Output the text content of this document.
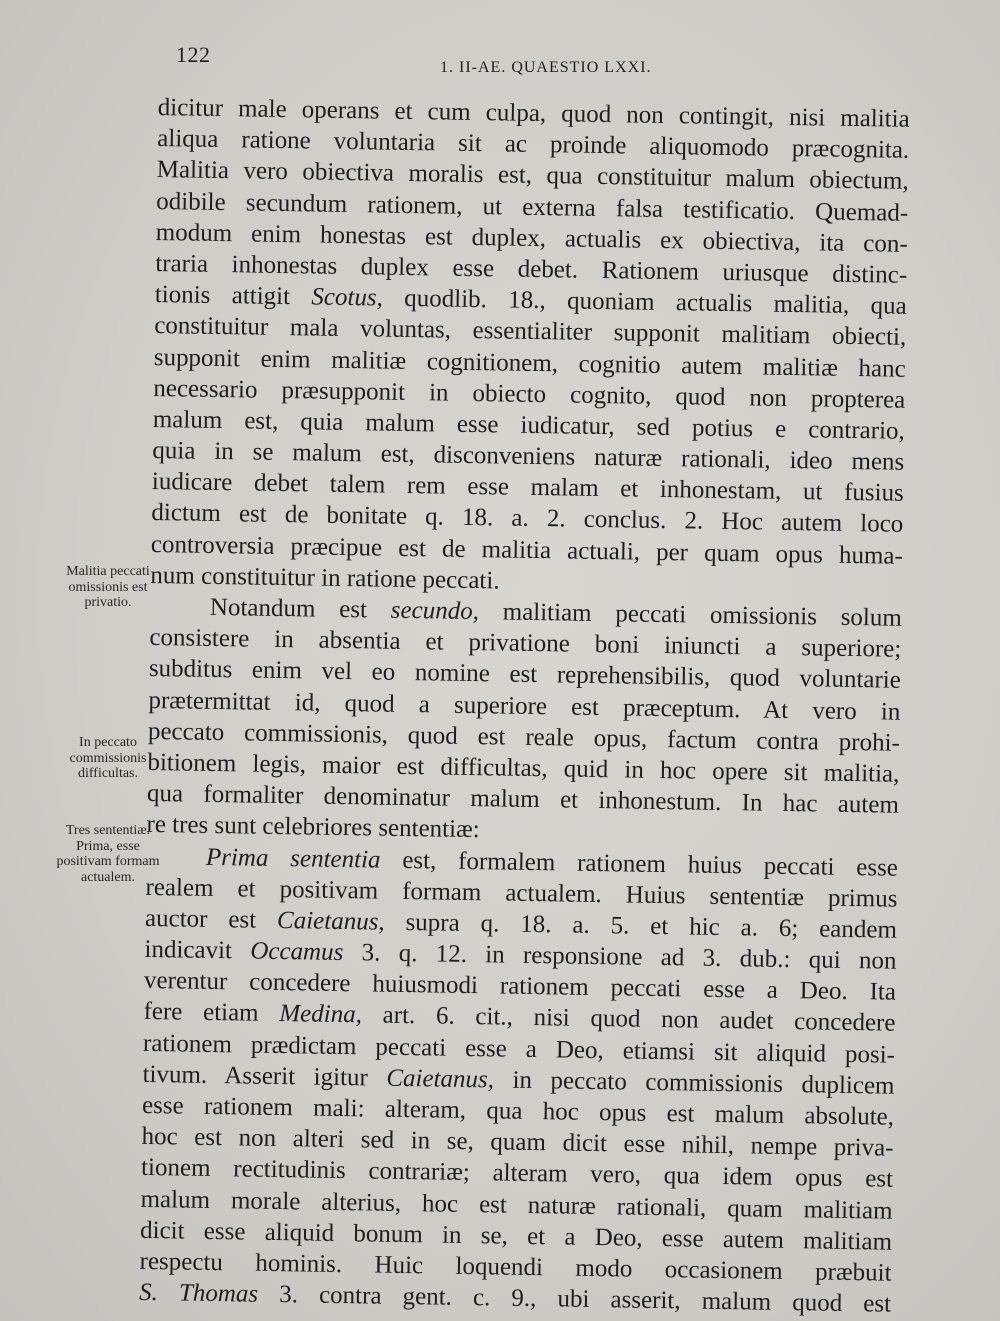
122
1. II-AE. QUAESTIO LXXI.
Malitia peccati omissionis est privatio.
In peccato commissionis difficultas.
Tres sententiæ. Prima, esse positivam formam actualem.
dicitur male operans et cum culpa, quod non contingit, nisi malitia
aliqua ratione voluntaria sit ac proinde aliquomodo præcognita.
Malitia vero obiectiva moralis est, qua constituitur malum obiectum,
odibile secundum rationem, ut externa falsa testificatio. Quemad-
modum enim honestas est duplex, actualis ex obiectiva, ita con-
traria inhonestas duplex esse debet. Rationem uriusque distinc-
tionis attigit Scotus, quodlib. 18., quoniam actualis malitia, qua
constituitur mala voluntas, essentialiter supponit malitiam obiecti,
supponit enim malitiæ cognitionem, cognitio autem malitiæ hanc
necessario præsupponit in obiecto cognito, quod non propterea
malum est, quia malum esse iudicatur, sed potius e contrario,
quia in se malum est, disconveniens naturæ rationali, ideo mens
iudicare debet talem rem esse malam et inhonestam, ut fusius
dictum est de bonitate q. 18. a. 2. conclus. 2. Hoc autem loco
controversia præcipue est de malitia actuali, per quam opus huma-
num constituitur in ratione peccati.
Notandum est secundo, malitiam peccati omissionis solum
consistere in absentia et privatione boni iniuncti a superiore;
subditus enim vel eo nomine est reprehensibilis, quod voluntarie
prætermittat id, quod a superiore est præceptum. At vero in
peccato commissionis, quod est reale opus, factum contra prohi-
bitionem legis, maior est difficultas, quid in hoc opere sit malitia,
qua formaliter denominatur malum et inhonestum. In hac autem
re tres sunt celebriores sententiæ:
Prima sententia est, formalem rationem huius peccati esse
realem et positivam formam actualem. Huius sententiæ primus
auctor est Caietanus, supra q. 18. a. 5. et hic a. 6; eandem
indicavit Occamus 3. q. 12. in responsione ad 3. dub.: qui non
verentur concedere huiusmodi rationem peccati esse a Deo. Ita
fere etiam Medina, art. 6. cit., nisi quod non audet concedere
rationem prædictam peccati esse a Deo, etiamsi sit aliquid posi-
tivum. Asserit igitur Caietanus, in peccato commissionis duplicem
esse rationem mali: alteram, qua hoc opus est malum absolute,
hoc est non alteri sed in se, quam dicit esse nihil, nempe priva-
tionem rectitudinis contrariæ; alteram vero, qua idem opus est
malum morale alterius, hoc est naturæ rationali, quam malitiam
dicit esse aliquid bonum in se, et a Deo, esse autem malitiam
respectu hominis. Huic loquendi modo occasionem præbuit
S. Thomas 3. contra gent. c. 9., ubi asserit, malum quod est
